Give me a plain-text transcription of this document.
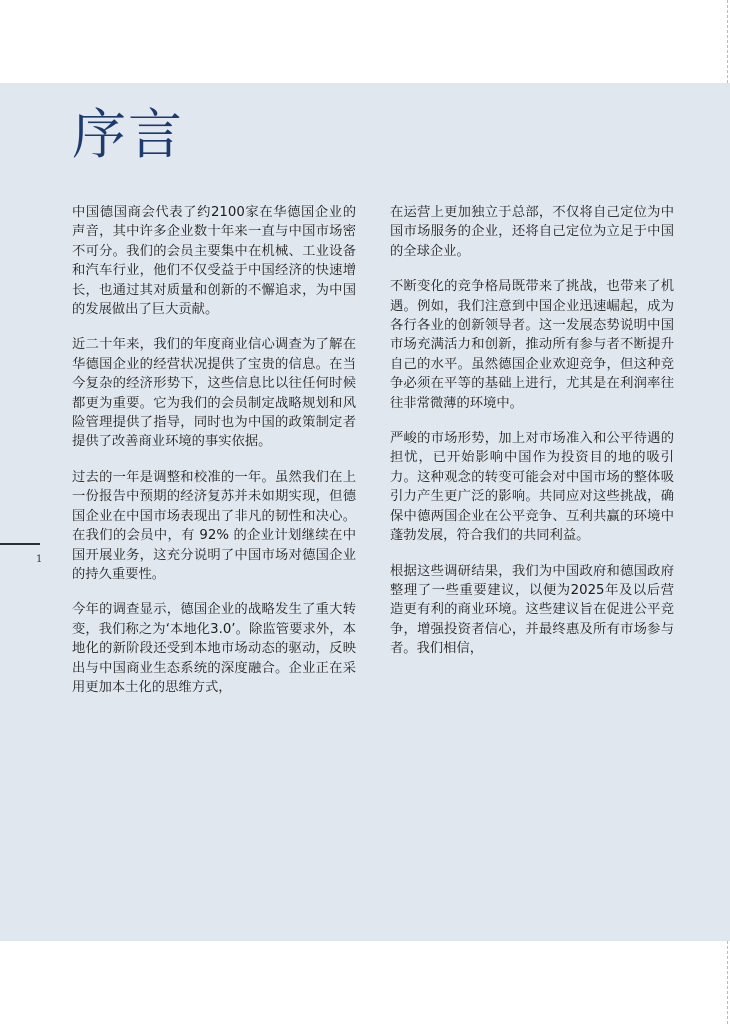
序言
1

中国德国商会代表了约2100家在华德国企业的声音，其中许多企业数十年来一直与中国市场密不可分。我们的会员主要集中在机械、工业设备和汽车行业，他们不仅受益于中国经济的快速增长，也通过其对质量和创新的不懈追求，为中国的发展做出了巨大贡献。

近二十年来，我们的年度商业信心调查为了解在华德国企业的经营状况提供了宝贵的信息。在当今复杂的经济形势下，这些信息比以往任何时候都更为重要。它为我们的会员制定战略规划和风险管理提供了指导，同时也为中国的政策制定者提供了改善商业环境的事实依据。

过去的一年是调整和校准的一年。虽然我们在上一份报告中预期的经济复苏并未如期实现，但德国企业在中国市场表现出了非凡的韧性和决心。在我们的会员中，有 92% 的企业计划继续在中国开展业务，这充分说明了中国市场对德国企业的持久重要性。

今年的调查显示，德国企业的战略发生了重大转变，我们称之为‘本地化3.0’。除监管要求外，本地化的新阶段还受到本地市场动态的驱动，反映出与中国商业生态系统的深度融合。企业正在采用更加本土化的思维方式，

在运营上更加独立于总部，不仅将自己定位为中国市场服务的企业，还将自己定位为立足于中国的全球企业。

不断变化的竞争格局既带来了挑战，也带来了机遇。例如，我们注意到中国企业迅速崛起，成为各行各业的创新领导者。这一发展态势说明中国市场充满活力和创新，推动所有参与者不断提升自己的水平。虽然德国企业欢迎竞争，但这种竞争必须在平等的基础上进行，尤其是在利润率往往非常微薄的环境中。

严峻的市场形势，加上对市场准入和公平待遇的担忧，已开始影响中国作为投资目的地的吸引力。这种观念的转变可能会对中国市场的整体吸引力产生更广泛的影响。共同应对这些挑战，确保中德两国企业在公平竞争、互利共赢的环境中蓬勃发展，符合我们的共同利益。

根据这些调研结果，我们为中国政府和德国政府整理了一些重要建议，以便为2025年及以后营造更有利的商业环境。这些建议旨在促进公平竞争，增强投资者信心，并最终惠及所有市场参与者。我们相信，
